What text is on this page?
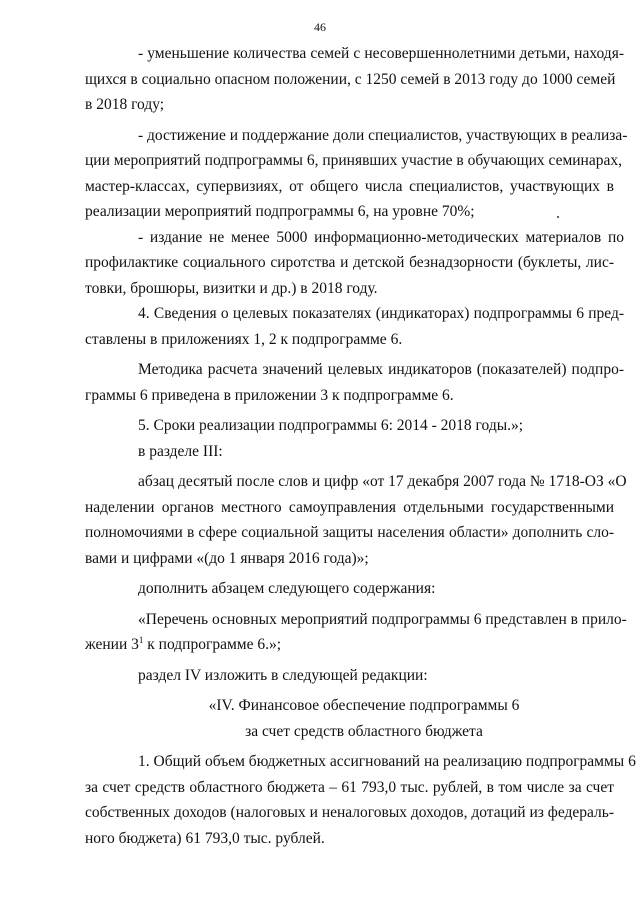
46
- уменьшение количества семей с несовершеннолетними детьми, находя-
щихся в социально опасном положении, с 1250 семей в 2013 году до 1000 семей
в 2018 году;
- достижение и поддержание доли специалистов, участвующих в реализа-
ции мероприятий подпрограммы 6, принявших участие в обучающих семинарах,
мастер-классах, супервизиях, от общего числа специалистов, участвующих в
реализации мероприятий подпрограммы 6, на уровне 70%;
- издание не менее 5000 информационно-методических материалов по
профилактике социального сиротства и детской безнадзорности (буклеты, лис-
товки, брошюры, визитки и др.) в 2018 году.
4. Сведения о целевых показателях (индикаторах) подпрограммы 6 пред-
ставлены в приложениях 1, 2 к подпрограмме 6.
Методика расчета значений целевых индикаторов (показателей) подпро-
граммы 6 приведена в приложении 3 к подпрограмме 6.
5. Сроки реализации подпрограммы 6: 2014 - 2018 годы.»;
в разделе III:
абзац десятый после слов и цифр «от 17 декабря 2007 года № 1718-ОЗ «О
наделении органов местного самоуправления отдельными государственными
полномочиями в сфере социальной защиты населения области» дополнить сло-
вами и цифрами «(до 1 января 2016 года)»;
дополнить абзацем следующего содержания:
«Перечень основных мероприятий подпрограммы 6 представлен в прило-
жении $3^1$ к подпрограмме 6.»;
раздел IV изложить в следующей редакции:
«IV. Финансовое обеспечение подпрограммы 6
за счет средств областного бюджета
1. Общий объем бюджетных ассигнований на реализацию подпрограммы 6
за счет средств областного бюджета – 61 793,0 тыс. рублей, в том числе за счет
собственных доходов (налоговых и неналоговых доходов, дотаций из федераль-
ного бюджета) 61 793,0 тыс. рублей.
